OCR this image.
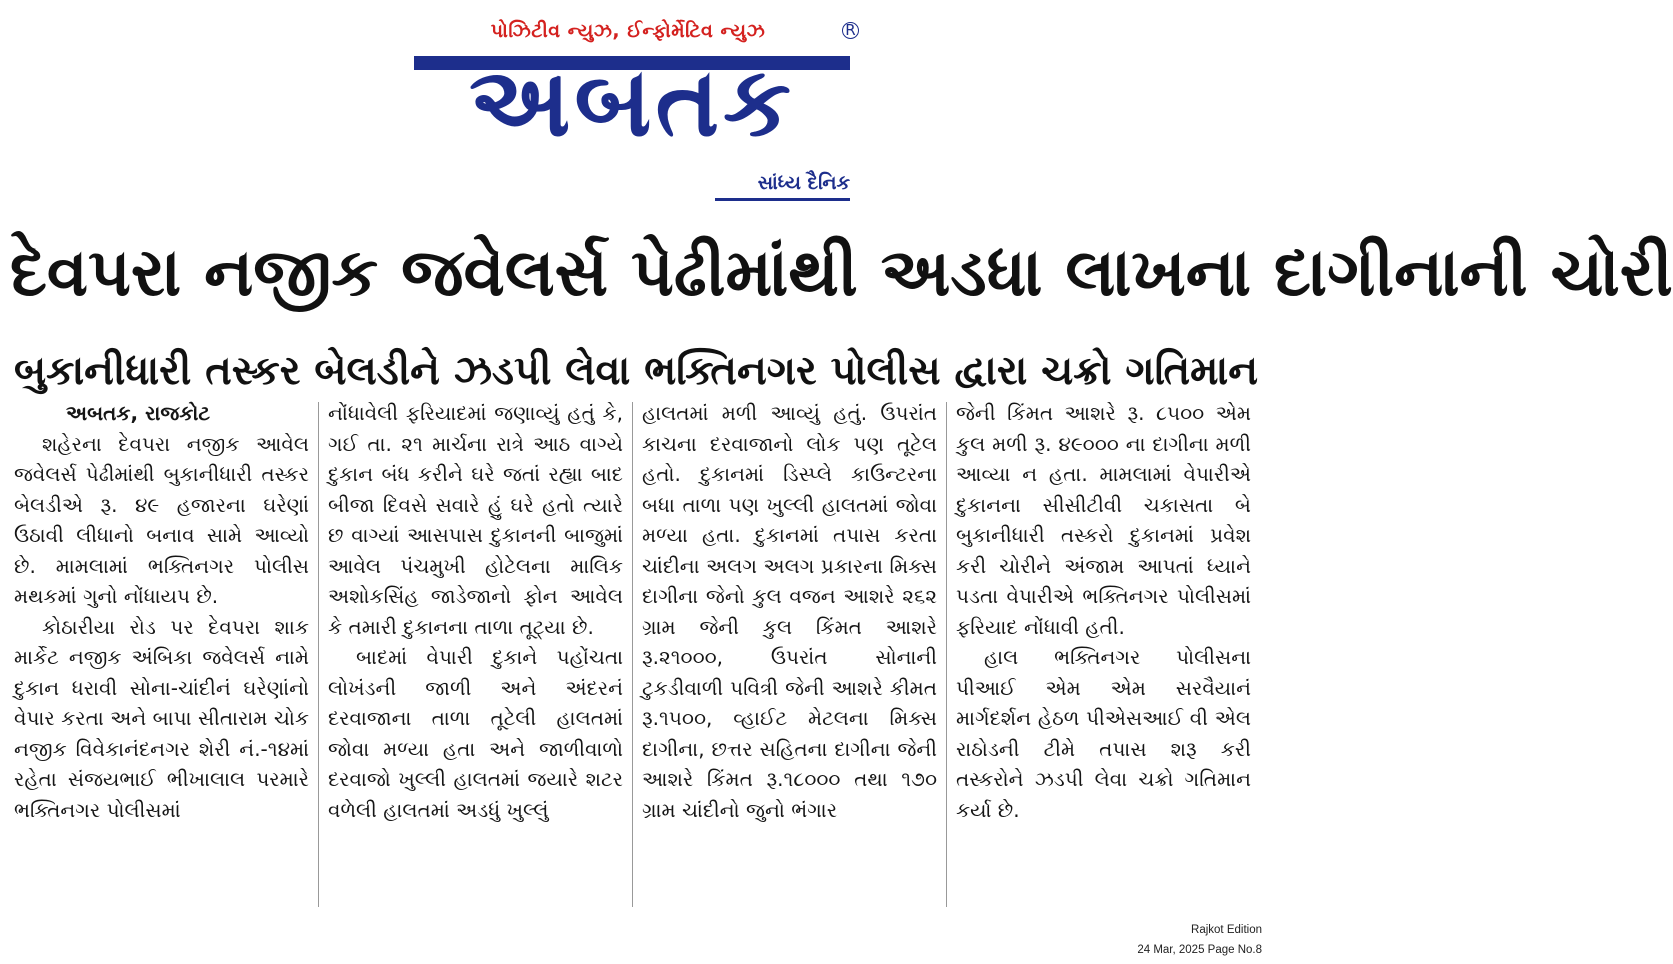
પોઝિટીવ ન્યુઝ, ઈન્ફોર્મેટિવ ન્યુઝ	R
અબતક
સાંધ્ય દૈનિક
દેવપરા નજીક જવેલર્સ પેઢીમાંથી અડધા લાખના દાગીનાની ચોરી
બુકાનીધારી તસ્કર બેલડીને ઝડપી લેવા ભક્તિનગર પોલીસ દ્વારા ચક્રો ગતિમાન

અબતક, રાજકોટ

શહેરના દેવપરા નજીક આવેલ જવેલર્સ પેઢીમાંથી બુકાનીધારી તસ્કર બેલડીએ રૂ. ૪૯ હજારના ઘરેણાં ઉઠાવી લીધાનો બનાવ સામે આવ્યો છે. મામલામાં ભક્તિનગર પોલીસ મથકમાં ગુનો નોંધાયપ છે.

કોઠારીયા રોડ પર દેવપરા શાક માર્કેટ નજીક અંબિકા જવેલર્સ નામે દુકાન ધરાવી સોના-ચાંદીનં ઘરેણાંનો વેપાર કરતા અને બાપા સીતારામ ચોક નજીક વિવેકાનંદનગર શેરી નં.-૧૪માં રહેતા સંજયભાઈ ભીખાલાલ પરમારે ભક્તિનગર પોલીસમાં

નોંધાવેલી ફરિયાદમાં જણાવ્યું હતું કે, ગઈ તા. ૨૧ માર્ચના રાત્રે આઠ વાગ્યે દુકાન બંધ કરીને ઘરે જતાં રહ્યા બાદ બીજા દિવસે સવારે હું ઘરે હતો ત્યારે છ વાગ્યાં આસપાસ દુકાનની બાજુમાં આવેલ પંચમુખી હોટેલના માલિક અશોકસિંહ જાડેજાનો ફોન આવેલ કે તમારી દુકાનના તાળા તૂટ્યા છે.

બાદમાં વેપારી દુકાને પહોંચતા લોખંડની જાળી અને અંદરનં દરવાજાના તાળા તૂટેલી હાલતમાં જોવા મળ્યા હતા અને જાળીવાળો દરવાજો ખુલ્લી હાલતમાં જયારે શટર વળેલી હાલતમાં અડધું ખુલ્લું

હાલતમાં મળી આવ્યું હતું. ઉપરાંત કાચના દરવાજાનો લોક પણ તૂટેલ હતો. દુકાનમાં ડિસ્પ્લે કાઉન્ટરના બધા તાળા પણ ખુલ્લી હાલતમાં જોવા મળ્યા હતા. દુકાનમાં તપાસ કરતા ચાંદીના અલગ અલગ પ્રકારના મિક્સ દાગીના જેનો કુલ વજન આશરે ૨૬૨ ગ્રામ જેની કુલ કિંમત આશરે રૂ.૨૧૦૦૦, ઉપરાંત સોનાની ટુકડીવાળી પવિત્રી જેની આશરે કીમત રૂ.૧૫૦૦, વ્હાઈટ મેટલના મિક્સ દાગીના, છત્તર સહિતના દાગીના જેની આશરે કિંમત રૂ.૧૮૦૦૦ તથા ૧૭૦ ગ્રામ ચાંદીનો જુનો ભંગાર

જેની કિંમત આશરે રૂ. ૮૫૦૦ એમ કુલ મળી રૂ. ૪૯૦૦૦ ના દાગીના મળી આવ્યા ન હતા. મામલામાં વેપારીએ દુકાનના સીસીટીવી ચકાસતા બે બુકાનીધારી તસ્કરો દુકાનમાં પ્રવેશ કરી ચોરીને અંજામ આપતાં ધ્યાને પડતા વેપારીએ ભક્તિનગર પોલીસમાં ફરિયાદ નોંધાવી હતી.

હાલ ભક્તિનગર પોલીસના પીઆઈ એમ એમ સરવૈયાનં માર્ગદર્શન હેઠળ પીએસઆઈ વી એલ રાઠોડની ટીમે તપાસ શરૂ કરી તસ્કરોને ઝડપી લેવા ચક્રો ગતિમાન કર્યા છે.

Rajkot Edition
24 Mar, 2025 Page No.8
